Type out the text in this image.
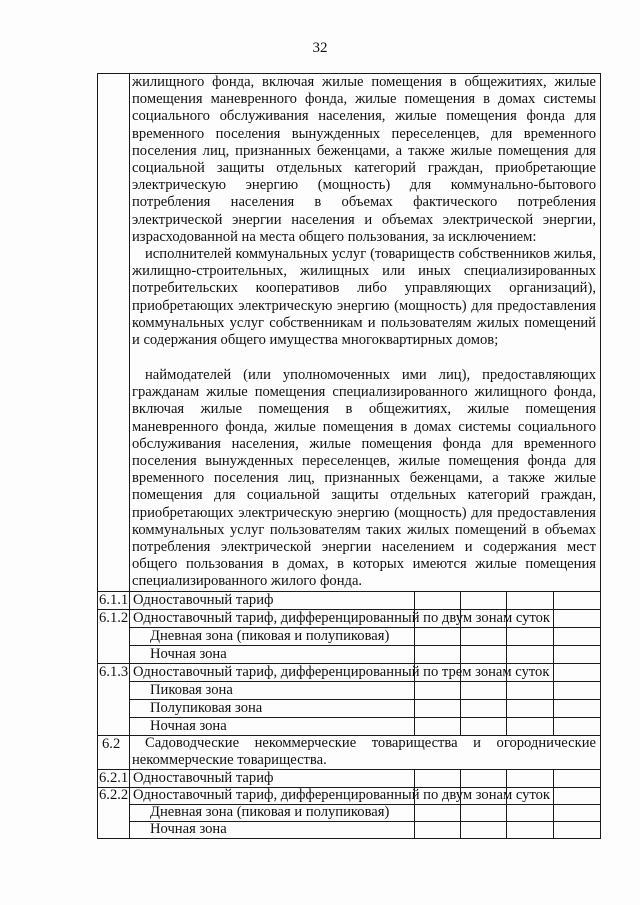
32

жилищного фонда, включая жилые помещения в общежитиях, жилые помещения маневренного фонда, жилые помещения в домах системы социального обслуживания населения, жилые помещения фонда для временного поселения вынужденных переселенцев, для временного поселения лиц, признанных беженцами, а также жилые помещения для социальной защиты отдельных категорий граждан, приобретающие электрическую энергию (мощность) для коммунально-бытового потребления населения в объемах фактического потребления электрической энергии населения и объемах электрической энергии, израсходованной на места общего пользования, за исключением:

исполнителей коммунальных услуг (товариществ собственников жилья, жилищно-строительных, жилищных или иных специализированных потребительских кооперативов либо управляющих организаций), приобретающих электрическую энергию (мощность) для предоставления коммунальных услуг собственникам и пользователям жилых помещений и содержания общего имущества многоквартирных домов;

наймодателей (или уполномоченных ими лиц), предоставляющих гражданам жилые помещения специализированного жилищного фонда, включая жилые помещения в общежитиях, жилые помещения маневренного фонда, жилые помещения в домах системы социального обслуживания населения, жилые помещения фонда для временного поселения вынужденных переселенцев, жилые помещения фонда для временного поселения лиц, признанных беженцами, а также жилые помещения для социальной защиты отдельных категорий граждан, приобретающих электрическую энергию (мощность) для предоставления коммунальных услуг пользователям таких жилых помещений в объемах потребления электрической энергии населением и содержания мест общего пользования в домах, в которых имеются жилые помещения специализированного жилого фонда.

6.1.1 Одноставочный тариф
6.1.2 Одноставочный тариф, дифференцированный по двум зонам суток
Дневная зона (пиковая и полупиковая)
Ночная зона
6.1.3 Одноставочный тариф, дифференцированный по трем зонам суток
Пиковая зона
Полупиковая зона
Ночная зона
6.2	Садоводческие некоммерческие товарищества и огороднические некоммерческие товарищества.

6.2.1 Одноставочный тариф
6.2.2 Одноставочный тариф, дифференцированный по двум зонам суток
Дневная зона (пиковая и полупиковая)
Ночная зона
